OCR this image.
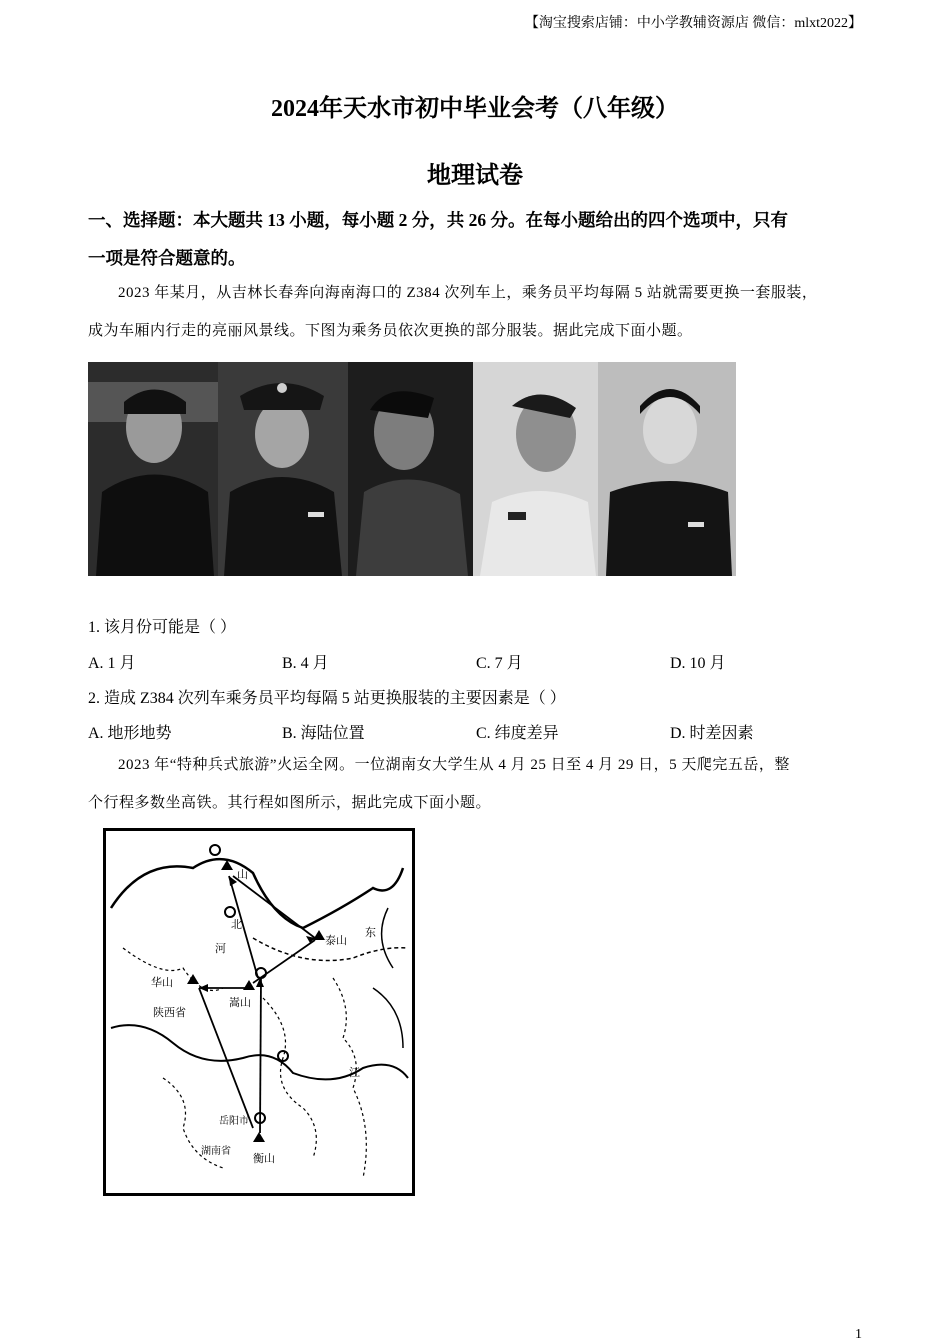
【淘宝搜索店铺：中小学教辅资源店 微信：mlxt2022】
2024年天水市初中毕业会考（八年级）
地理试卷
一、选择题：本大题共 13 小题，每小题 2 分，共 26 分。在每小题给出的四个选项中，只有
一项是符合题意的。
2023 年某月，从吉林长春奔向海南海口的 Z384 次列车上，乘务员平均每隔 5 站就需要更换一套服装，
成为车厢内行走的亮丽风景线。下图为乘务员依次更换的部分服装。据此完成下面小题。
1. 该月份可能是（ ）
A. 1 月	B. 4 月	C. 7 月	D. 10 月
2. 造成 Z384 次列车乘务员平均每隔 5 站更换服装的主要因素是（ ）
A. 地形地势	B. 海陆位置	C. 纬度差异	D. 时差因素
2023 年“特种兵式旅游”火运全网。一位湖南女大学生从 4 月 25 日至 4 月 29 日，5 天爬完五岳，整
个行程多数坐高铁。其行程如图所示，据此完成下面小题。
山
华山
陕西省
嵩山
泰山
河
岳阳市
湖南省
衡山
北
东
江
1
